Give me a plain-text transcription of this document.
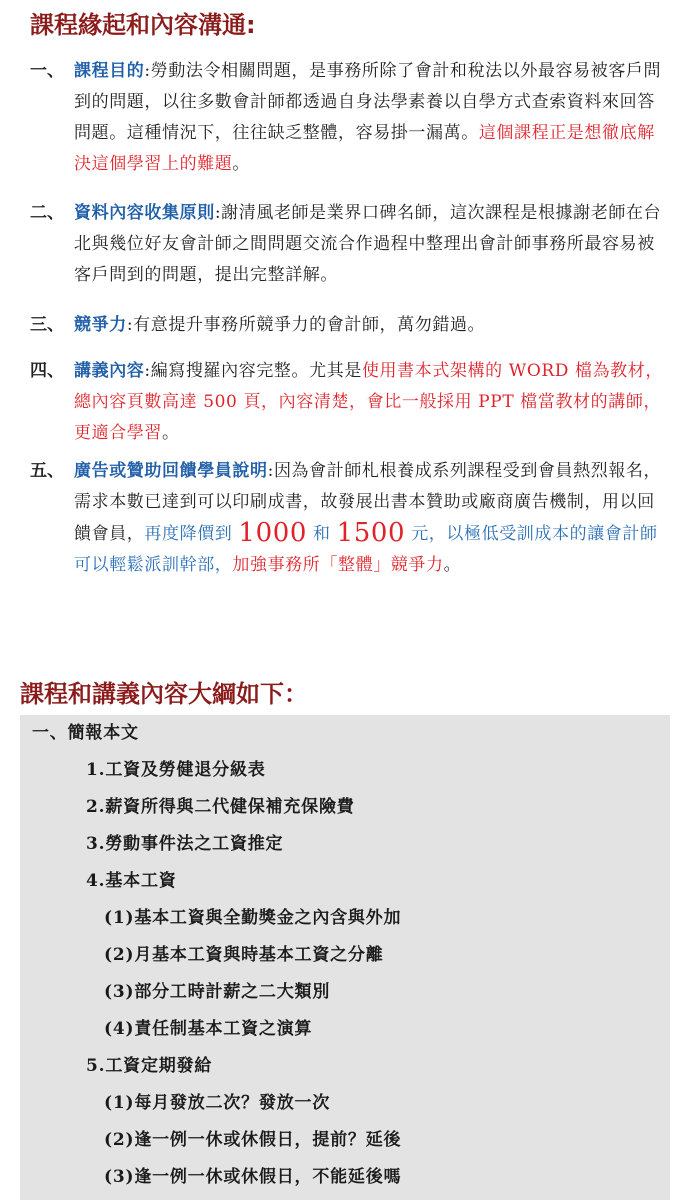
課程緣起和內容溝通:
一、 課程目的:勞動法令相關問題，是事務所除了會計和稅法以外最容易被客戶問到的問題，以往多數會計師都透過自身法學素養以自學方式查索資料來回答問題。這種情況下，往往缺乏整體，容易掛一漏萬。這個課程正是想徹底解決這個學習上的難題。
二、 資料內容收集原則:謝清風老師是業界口碑名師，這次課程是根據謝老師在台北與幾位好友會計師之間問題交流合作過程中整理出會計師事務所最容易被客戶問到的問題，提出完整詳解。
三、 競爭力:有意提升事務所競爭力的會計師，萬勿錯過。
四、 講義內容:編寫搜羅內容完整。尤其是使用書本式架構的 WORD 檔為教材，總內容頁數高達 500 頁，內容清楚，會比一般採用 PPT 檔當教材的講師，更適合學習。
五、 廣告或贊助回饋學員說明:因為會計師札根養成系列課程受到會員熱烈報名，需求本數已達到可以印刷成書，故發展出書本贊助或廠商廣告機制，用以回饋會員，再度降價到 1000 和 1500 元，以極低受訓成本的讓會計師可以輕鬆派訓幹部，加強事務所「整體」競爭力。
課程和講義內容大綱如下：
一、簡報本文
1.工資及勞健退分級表
2.薪資所得與二代健保補充保險費
3.勞動事件法之工資推定
4.基本工資
(1)基本工資與全勤獎金之內含與外加
(2)月基本工資與時基本工資之分離
(3)部分工時計薪之二大類別
(4)責任制基本工資之演算
5.工資定期發給
(1)每月發放二次？發放一次
(2)逢一例一休或休假日，提前？延後
(3)逢一例一休或休假日，不能延後嗎
